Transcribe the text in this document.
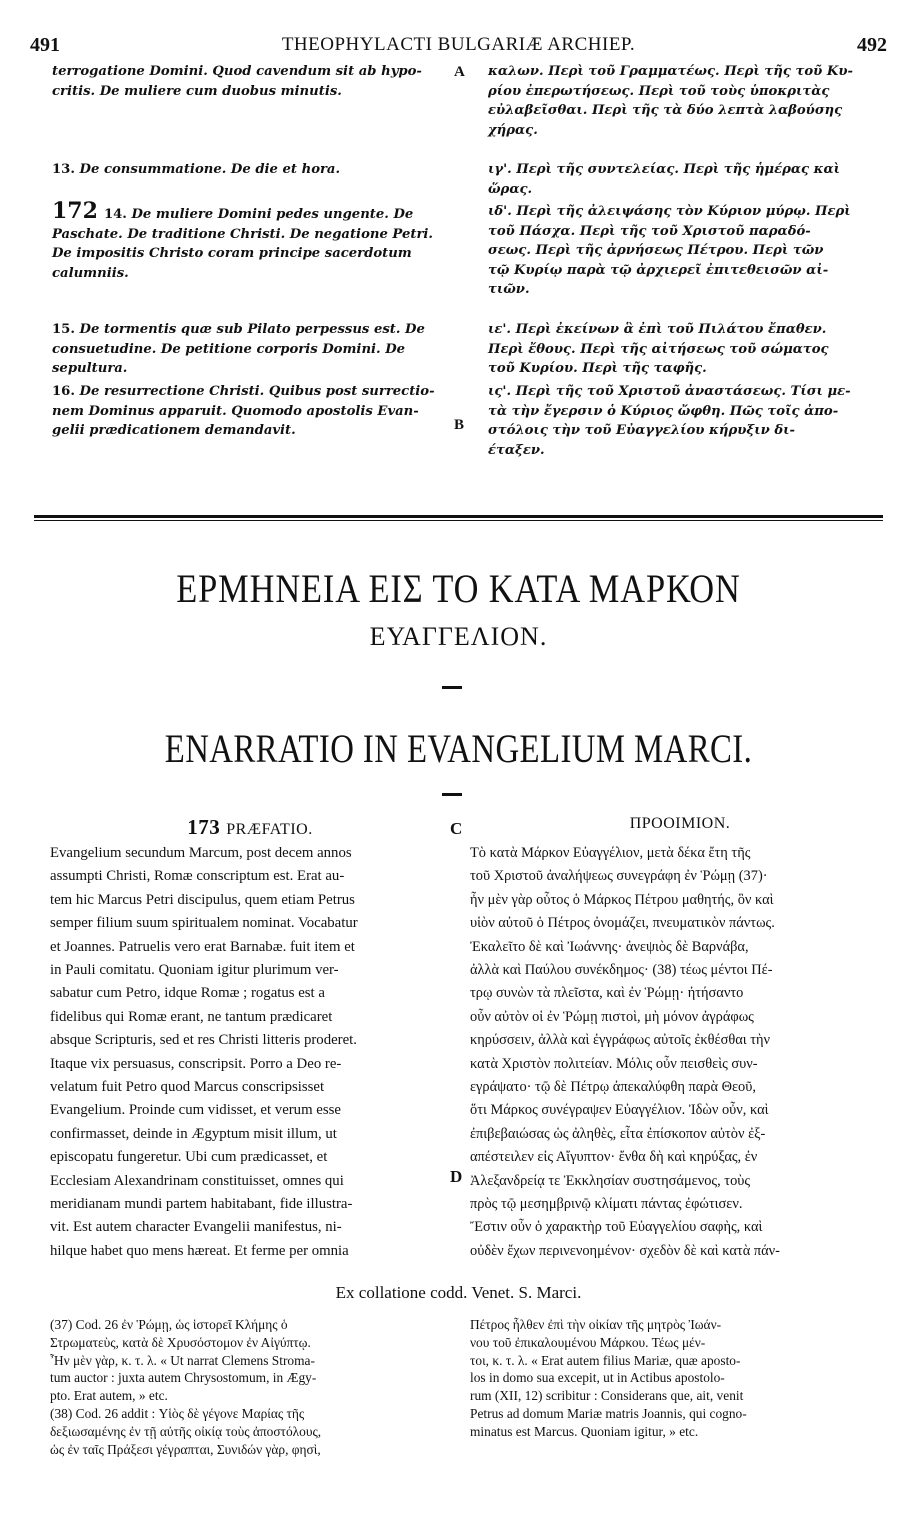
491	THEOPHYLACTI BULGARIÆ ARCHIEP.	492
terrogatione Domini. Quod cavendum sit ab hypo-
critis. De muliere cum duobus minutis.
13. De consummatione. De die et hora.
172 14. De muliere Domini pedes ungente. De
Paschate. De traditione Christi. De negatione Petri.
De impositis Christo coram principe sacerdotum
calumniis.
15. De tormentis quæ sub Pilato perpessus est. De
consuetudine. De petitione corporis Domini. De
sepultura.
16. De resurrectione Christi. Quibus post surrectio-
nem Dominus apparuit. Quomodo apostolis Evan-
gelii prædicationem demandavit.
A
B
καλων. Περὶ τοῦ Γραμματέως. Περὶ τῆς τοῦ Κυ-
ρίου ἐπερωτήσεως. Περὶ τοῦ τοὺς ὑποκριτὰς
εὐλαβεῖσθαι. Περὶ τῆς τὰ δύο λεπτὰ λαβούσης
χήρας.
ιγ'. Περὶ τῆς συντελείας. Περὶ τῆς ἡμέρας καὶ
ὥρας.
ιδ'. Περὶ τῆς ἀλειψάσης τὸν Κύριον μύρῳ. Περὶ
τοῦ Πάσχα. Περὶ τῆς τοῦ Χριστοῦ παραδό-
σεως. Περὶ τῆς ἀρνήσεως Πέτρου. Περὶ τῶν
τῷ Κυρίῳ παρὰ τῷ ἀρχιερεῖ ἐπιτεθεισῶν αἰ-
τιῶν.
ιε'. Περὶ ἐκείνων ἃ ἐπὶ τοῦ Πιλάτου ἔπαθεν.
Περὶ ἔθους. Περὶ τῆς αἰτήσεως τοῦ σώματος
τοῦ Κυρίου. Περὶ τῆς ταφῆς.
ις'. Περὶ τῆς τοῦ Χριστοῦ ἀναστάσεως. Τίσι με-
τὰ τὴν ἔγερσιν ὁ Κύριος ὤφθη. Πῶς τοῖς ἀπο-
στόλοις τὴν τοῦ Εὐαγγελίου κήρυξιν δι-
έταξεν.
ΕΡΜΗΝΕΙΑ ΕΙΣ ΤΟ ΚΑΤΑ ΜΑΡΚΟΝ
ΕΥΑΓΓΕΛΙΟΝ.
ENARRATIO IN EVANGELIUM MARCI.
173 PRÆFATIO.
Evangelium secundum Marcum, post decem annos
assumpti Christi, Romæ conscriptum est. Erat au-
tem hic Marcus Petri discipulus, quem etiam Petrus
semper filium suum spiritualem nominat. Vocabatur
et Joannes. Patruelis vero erat Barnabæ. fuit item et
in Pauli comitatu. Quoniam igitur plurimum ver-
sabatur cum Petro, idque Romæ ; rogatus est a
fidelibus qui Romæ erant, ne tantum prædicaret
absque Scripturis, sed et res Christi litteris proderet.
Itaque vix persuasus, conscripsit. Porro a Deo re-
velatum fuit Petro quod Marcus conscripsisset
Evangelium. Proinde cum vidisset, et verum esse
confirmasset, deinde in Ægyptum misit illum, ut
episcopatu fungeretur. Ubi cum prædicasset, et
Ecclesiam Alexandrinam constituisset, omnes qui
meridianam mundi partem habitabant, fide illustra-
vit. Est autem character Evangelii manifestus, ni-
hilque habet quo mens hæreat. Et ferme per omnia
C
D
ΠΡΟΟΙΜΙΟΝ.
Τὸ κατὰ Μάρκον Εὐαγγέλιον, μετὰ δέκα ἔτη τῆς
τοῦ Χριστοῦ ἀναλήψεως συνεγράφη ἐν Ῥώμῃ (37)·
ἦν μὲν γὰρ οὗτος ὁ Μάρκος Πέτρου μαθητής, ὃν καὶ
υἱὸν αὐτοῦ ὁ Πέτρος ὀνομάζει, πνευματικὸν πάντως.
Ἐκαλεῖτο δὲ καὶ Ἰωάννης· ἀνεψιὸς δὲ Βαρνάβα,
ἀλλὰ καὶ Παύλου συνέκδημος· (38) τέως μέντοι Πέ-
τρῳ συνὼν τὰ πλεῖστα, καὶ ἐν Ῥώμῃ· ἠτήσαντο
οὖν αὐτὸν οἱ ἐν Ῥώμῃ πιστοὶ, μὴ μόνον ἀγράφως
κηρύσσειν, ἀλλὰ καὶ ἐγγράφως αὐτοῖς ἐκθέσθαι τὴν
κατὰ Χριστὸν πολιτείαν. Μόλις οὖν πεισθεὶς συν-
εγράψατο· τῷ δὲ Πέτρῳ ἀπεκαλύφθη παρὰ Θεοῦ,
ὅτι Μάρκος συνέγραψεν Εὐαγγέλιον. Ἰδὼν οὖν, καὶ
ἐπιβεβαιώσας ὡς ἀληθὲς, εἶτα ἐπίσκοπον αὐτὸν ἐξ-
απέστειλεν εἰς Αἴγυπτον· ἔνθα δὴ καὶ κηρύξας, ἐν
Ἀλεξανδρείᾳ τε Ἐκκλησίαν συστησάμενος, τοὺς
πρὸς τῷ μεσημβρινῷ κλίματι πάντας ἐφώτισεν.
Ἔστιν οὖν ὁ χαρακτὴρ τοῦ Εὐαγγελίου σαφὴς, καὶ
οὐδὲν ἔχων περινενοημένον· σχεδὸν δὲ καὶ κατὰ πάν-
Ex collatione codd. Venet. S. Marci.
(37) Cod. 26 ἐν Ῥώμῃ, ὡς ἱστορεῖ Κλήμης ὁ
Στρωματεὺς, κατὰ δὲ Χρυσόστομον ἐν Αἰγύπτῳ.
Ἦν μὲν γὰρ, κ. τ. λ. « Ut narrat Clemens Stroma-
tum auctor : juxta autem Chrysostomum, in Ægy-
pto. Erat autem, » etc.
(38) Cod. 26 addit : Υἱὸς δὲ γέγονε Μαρίας τῆς
δεξιωσαμένης ἐν τῇ αὐτῆς οἰκίᾳ τοὺς ἀποστόλους,
ὡς ἐν ταῖς Πράξεσι γέγραπται, Συνιδών γὰρ, φησὶ,
Πέτρος ἦλθεν ἐπὶ τὴν οἰκίαν τῆς μητρὸς Ἰωάν-
νου τοῦ ἐπικαλουμένου Μάρκου. Τέως μέν-
τοι, κ. τ. λ. « Erat autem filius Mariæ, quæ aposto-
los in domo sua excepit, ut in Actibus apostolo-
rum (XII, 12) scribitur : Considerans que, ait, venit
Petrus ad domum Mariæ matris Joannis, qui cogno-
minatus est Marcus. Quoniam igitur, » etc.
